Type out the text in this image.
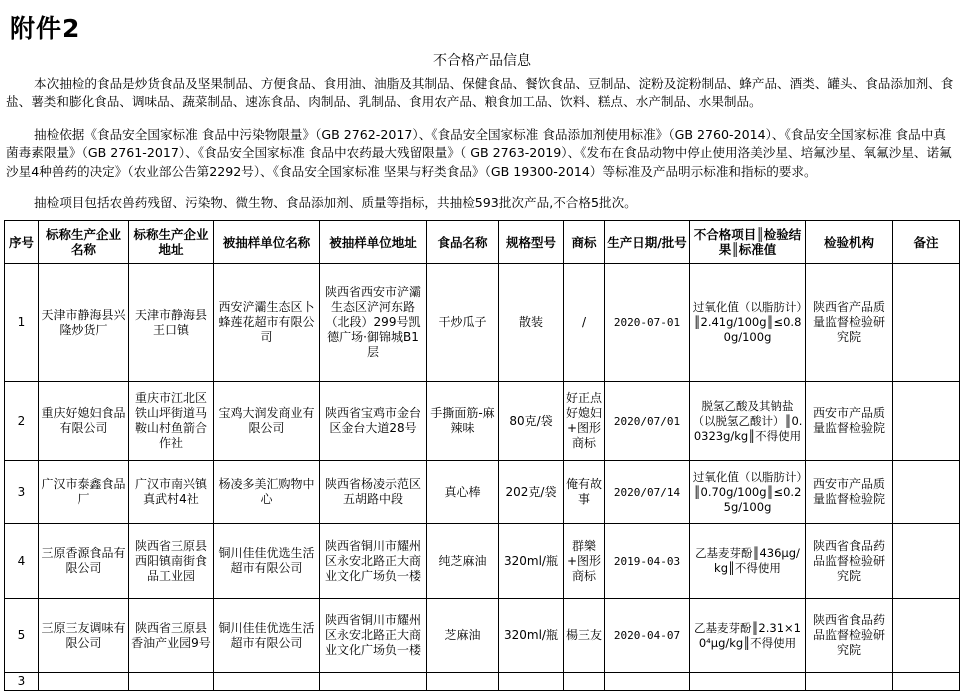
附件2
不合格产品信息
本次抽检的食品是炒货食品及坚果制品、方便食品、食用油、油脂及其制品、保健食品、餐饮食品、豆制品、淀粉及淀粉制品、蜂产品、酒类、罐头、食品添加剂、食盐、薯类和膨化食品、调味品、蔬菜制品、速冻食品、肉制品、乳制品、食用农产品、粮食加工品、饮料、糕点、水产制品、水果制品。
抽检依据《食品安全国家标准 食品中污染物限量》（GB 2762-2017）、《食品安全国家标准 食品添加剂使用标准》（GB 2760-2014）、《食品安全国家标准 食品中真菌毒素限量》（GB 2761-2017）、《食品安全国家标准 食品中农药最大残留限量》（ GB 2763-2019）、《发布在食品动物中停止使用洛美沙星、培氟沙星、氧氟沙星、诺氟沙星4种兽药的决定》（农业部公告第2292号）、《食品安全国家标准 坚果与籽类食品》（GB 19300-2014）等标准及产品明示标准和指标的要求。
抽检项目包括农兽药残留、污染物、微生物、食品添加剂、质量等指标，共抽检593批次产品,不合格5批次。
序号	标称生产企业名称	标称生产企业地址	被抽样单位名称	被抽样单位地址	食品名称	规格型号	商标	生产日期/批号	不合格项目║检验结果║标准值	检验机构	备注
1	天津市静海县兴隆炒货厂	天津市静海县王口镇	西安浐灞生态区卜蜂莲花超市有限公司	陕西省西安市浐灞生态区浐河东路（北段）299号凯德广场·御锦城B1层	干炒瓜子	散装	/	2020-07-01	过氧化值（以脂肪计）║2.41g/100g║≤0.80g/100g	陕西省产品质量监督检验研究院	
2	重庆好媳妇食品有限公司	重庆市江北区铁山坪街道马鞍山村鱼箭合作社	宝鸡大润发商业有限公司	陕西省宝鸡市金台区金台大道28号	手撕面筋-麻辣味	80克/袋	好正点好媳妇+图形商标	2020/07/01	脱氢乙酸及其钠盐（以脱氢乙酸计）║0.0323g/kg║不得使用	西安市产品质量监督检验院	
3	广汉市泰鑫食品厂	广汉市南兴镇真武村4社	杨凌多美汇购物中心	陕西省杨凌示范区五胡路中段	真心棒	202克/袋	俺有故事	2020/07/14	过氧化值（以脂肪计）║0.70g/100g║≤0.25g/100g	西安市产品质量监督检验院	
4	三原香源食品有限公司	陕西省三原县西阳镇南街食品工业园	铜川佳佳优选生活超市有限公司	陕西省铜川市耀州区永安北路正大商业文化广场负一楼	纯芝麻油	320ml/瓶	群樂+图形商标	2019-04-03	乙基麦芽酚║436μg/kg║不得使用	陕西省食品药品监督检验研究院	
5	三原三友调味有限公司	陕西省三原县香油产业园9号	铜川佳佳优选生活超市有限公司	陕西省铜川市耀州区永安北路正大商业文化广场负一楼	芝麻油	320ml/瓶	楊三友	2020-04-07	乙基麦芽酚║2.31×10⁴μg/kg║不得使用	陕西省食品药品监督检验研究院	
3											
